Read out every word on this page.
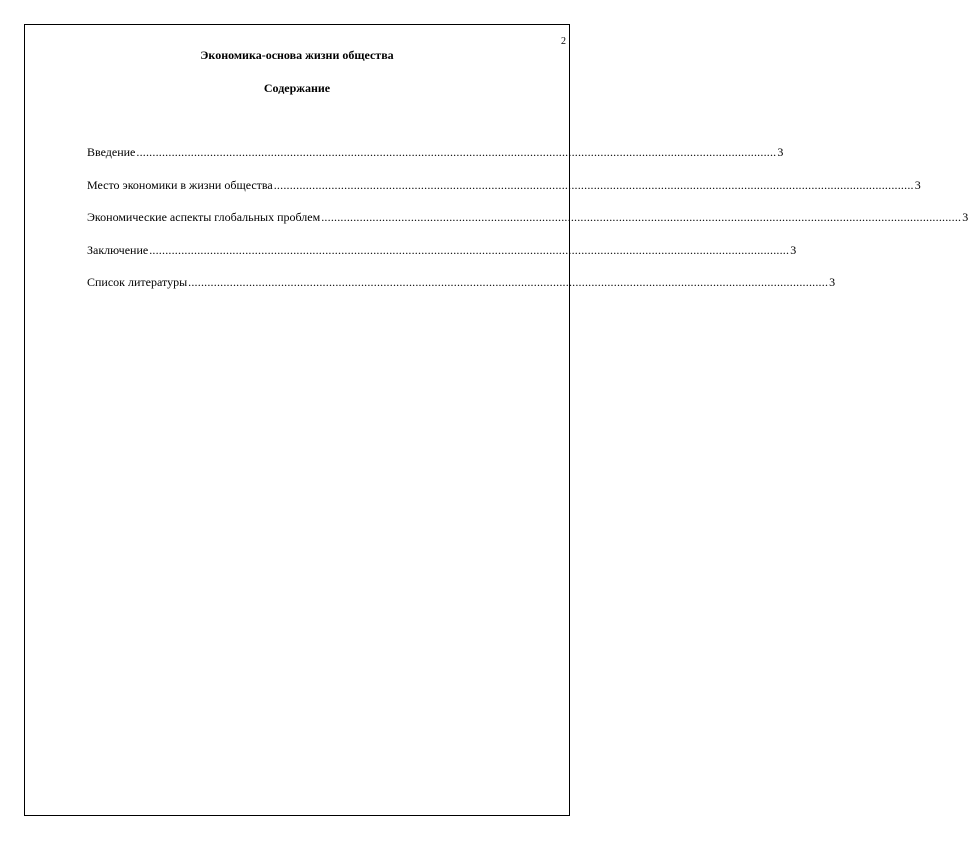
2
Экономика-основа жизни общества
Содержание
Введение ........................................................................................................................................................................................................ 3
Место экономики в жизни общества ........................................................................................................................................................................................................ 3
Экономические аспекты глобальных проблем ........................................................................................................................................................................................................ 3
Заключение ........................................................................................................................................................................................................ 3
Список литературы ........................................................................................................................................................................................................ 3
